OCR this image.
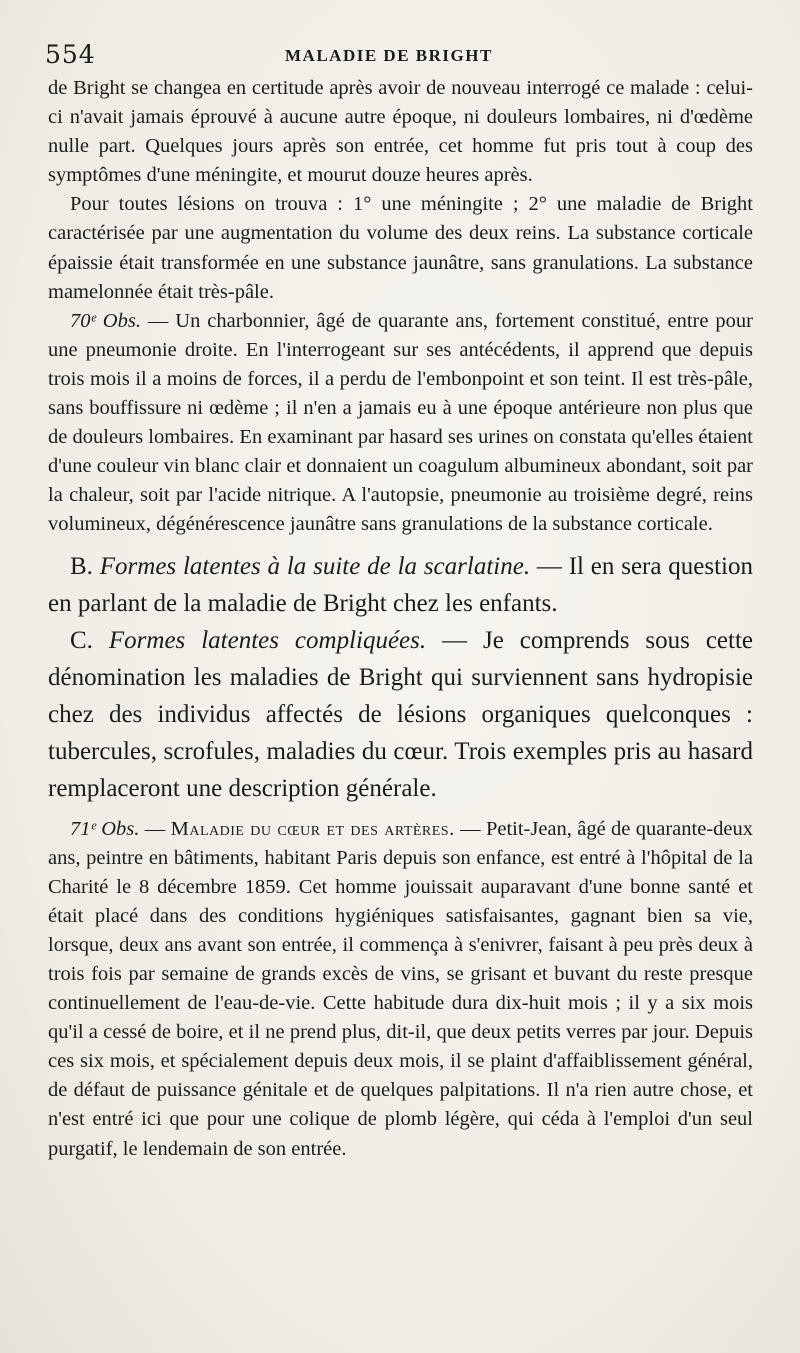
554	MALADIE DE BRIGHT

de Bright se changea en certitude après avoir de nouveau interrogé ce malade : celui-ci n'avait jamais éprouvé à aucune autre époque, ni douleurs lombaires, ni d'œdème nulle part. Quelques jours après son entrée, cet homme fut pris tout à coup des symptômes d'une méningite, et mourut douze heures après.

Pour toutes lésions on trouva : 1° une méningite ; 2° une maladie de Bright caractérisée par une augmentation du volume des deux reins. La substance corticale épaissie était transformée en une substance jaunâtre, sans granulations. La substance mamelonnée était très-pâle.

70ᵉ Obs. — Un charbonnier, âgé de quarante ans, fortement constitué, entre pour une pneumonie droite. En l'interrogeant sur ses antécédents, il apprend que depuis trois mois il a moins de forces, il a perdu de l'embonpoint et son teint. Il est très-pâle, sans bouffissure ni œdème ; il n'en a jamais eu à une époque antérieure non plus que de douleurs lombaires. En examinant par hasard ses urines on constata qu'elles étaient d'une couleur vin blanc clair et donnaient un coagulum albumineux abondant, soit par la chaleur, soit par l'acide nitrique. A l'autopsie, pneumonie au troisième degré, reins volumineux, dégénérescence jaunâtre sans granulations de la substance corticale.

B. Formes latentes à la suite de la scarlatine. — Il en sera question en parlant de la maladie de Bright chez les enfants.

C. Formes latentes compliquées. — Je comprends sous cette dénomination les maladies de Bright qui surviennent sans hydropisie chez des individus affectés de lésions organiques quelconques : tubercules, scrofules, maladies du cœur. Trois exemples pris au hasard remplaceront une description générale.

71ᵉ Obs. — Maladie du cœur et des artères. — Petit-Jean, âgé de quarante-deux ans, peintre en bâtiments, habitant Paris depuis son enfance, est entré à l'hôpital de la Charité le 8 décembre 1859. Cet homme jouissait auparavant d'une bonne santé et était placé dans des conditions hygiéniques satisfaisantes, gagnant bien sa vie, lorsque, deux ans avant son entrée, il commença à s'enivrer, faisant à peu près deux à trois fois par semaine de grands excès de vins, se grisant et buvant du reste presque continuellement de l'eau-de-vie. Cette habitude dura dix-huit mois ; il y a six mois qu'il a cessé de boire, et il ne prend plus, dit-il, que deux petits verres par jour. Depuis ces six mois, et spécialement depuis deux mois, il se plaint d'affaiblissement général, de défaut de puissance génitale et de quelques palpitations. Il n'a rien autre chose, et n'est entré ici que pour une colique de plomb légère, qui céda à l'emploi d'un seul purgatif, le lendemain de son entrée.
